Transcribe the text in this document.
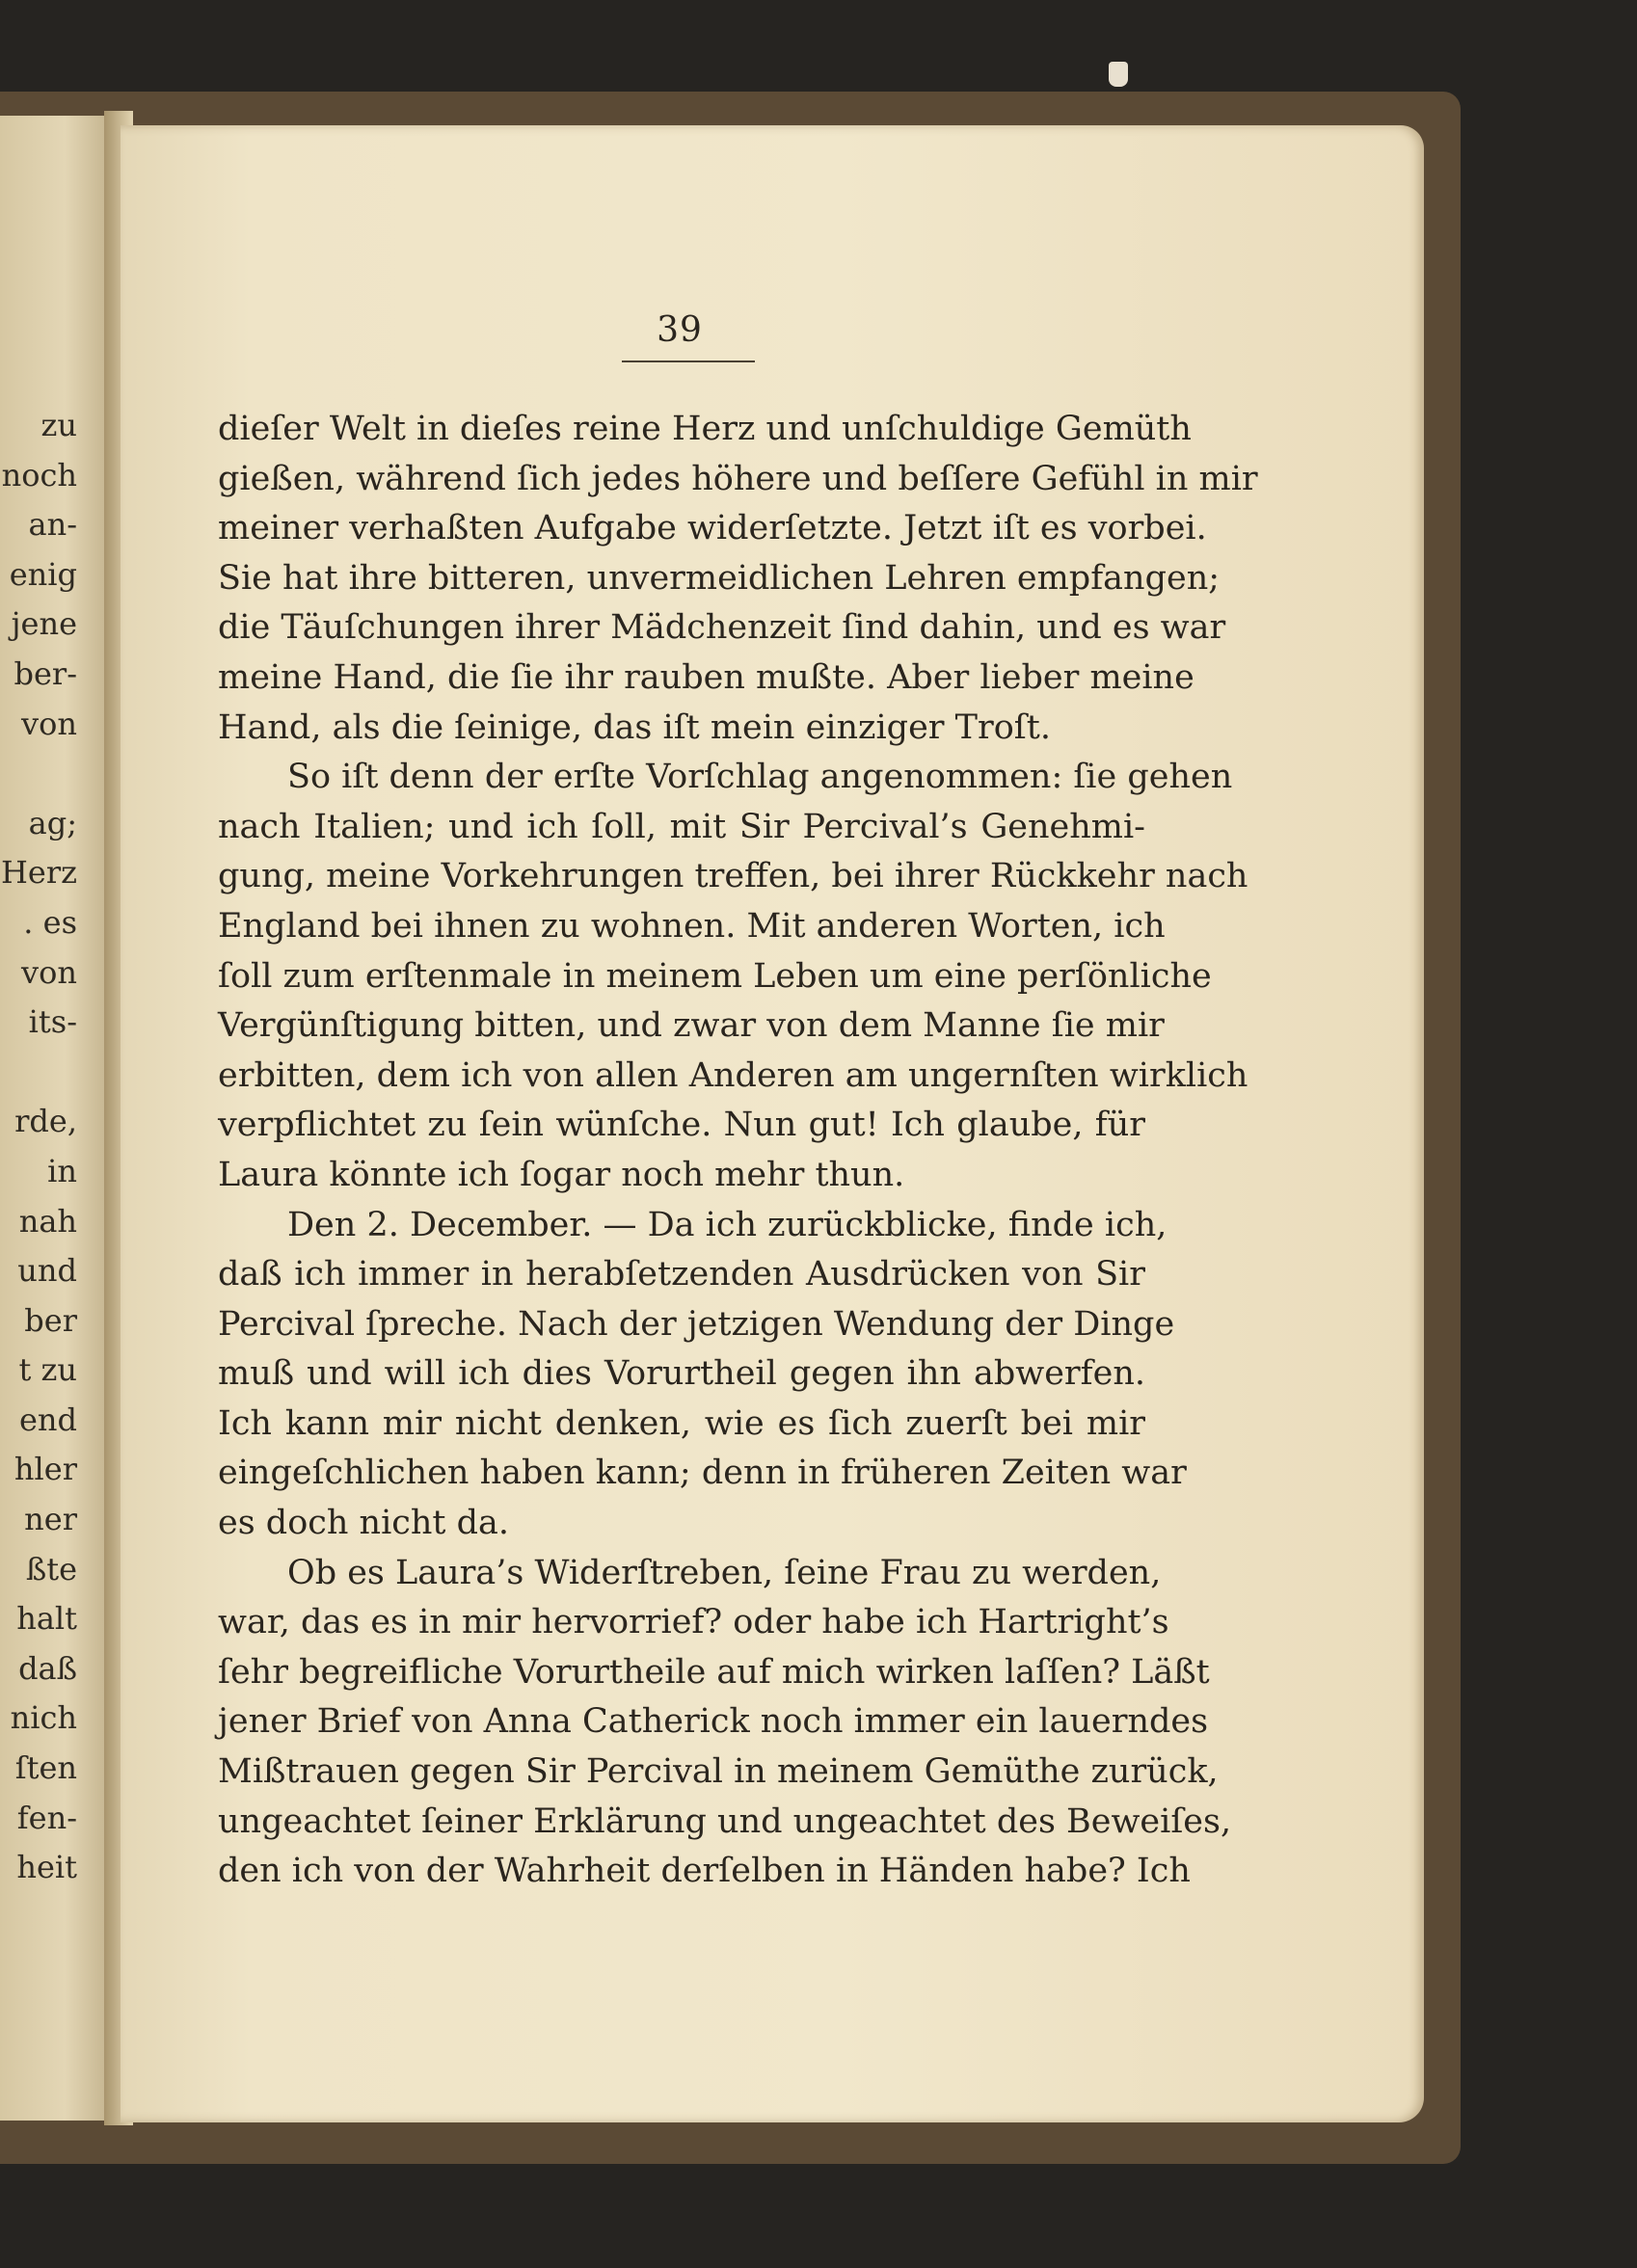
zu
noch
an-
enig
jene
ber-
von
ag;
Herz
. es
von
its-
rde,
in
nah
und
ber
t zu
end
hler
ner
ßte
halt
daß
nich
ſten
fen-
heit
39
dieſer Welt in dieſes reine Herz und unſchuldige Gemüth
gießen, während ſich jedes höhere und beſſere Gefühl in mir
meiner verhaßten Aufgabe widerſetzte. Jetzt iſt es vorbei.
Sie hat ihre bitteren, unvermeidlichen Lehren empfangen;
die Täuſchungen ihrer Mädchenzeit ſind dahin, und es war
meine Hand, die ſie ihr rauben mußte. Aber lieber meine
Hand, als die ſeinige, das iſt mein einziger Troſt.
So iſt denn der erſte Vorſchlag angenommen: ſie gehen
nach Italien; und ich ſoll, mit Sir Percival’s Genehmi-
gung, meine Vorkehrungen treffen, bei ihrer Rückkehr nach
England bei ihnen zu wohnen. Mit anderen Worten, ich
ſoll zum erſtenmale in meinem Leben um eine perſönliche
Vergünſtigung bitten, und zwar von dem Manne ſie mir
erbitten, dem ich von allen Anderen am ungernſten wirklich
verpflichtet zu ſein wünſche. Nun gut! Ich glaube, für
Laura könnte ich ſogar noch mehr thun.
Den 2. December. — Da ich zurückblicke, finde ich,
daß ich immer in herabſetzenden Ausdrücken von Sir
Percival ſpreche. Nach der jetzigen Wendung der Dinge
muß und will ich dies Vorurtheil gegen ihn abwerfen.
Ich kann mir nicht denken, wie es ſich zuerſt bei mir
eingeſchlichen haben kann; denn in früheren Zeiten war
es doch nicht da.
Ob es Laura’s Widerſtreben, ſeine Frau zu werden,
war, das es in mir hervorrief? oder habe ich Hartright’s
ſehr begreifliche Vorurtheile auf mich wirken laſſen? Läßt
jener Brief von Anna Catherick noch immer ein lauerndes
Mißtrauen gegen Sir Percival in meinem Gemüthe zurück,
ungeachtet ſeiner Erklärung und ungeachtet des Beweiſes,
den ich von der Wahrheit derſelben in Händen habe? Ich
